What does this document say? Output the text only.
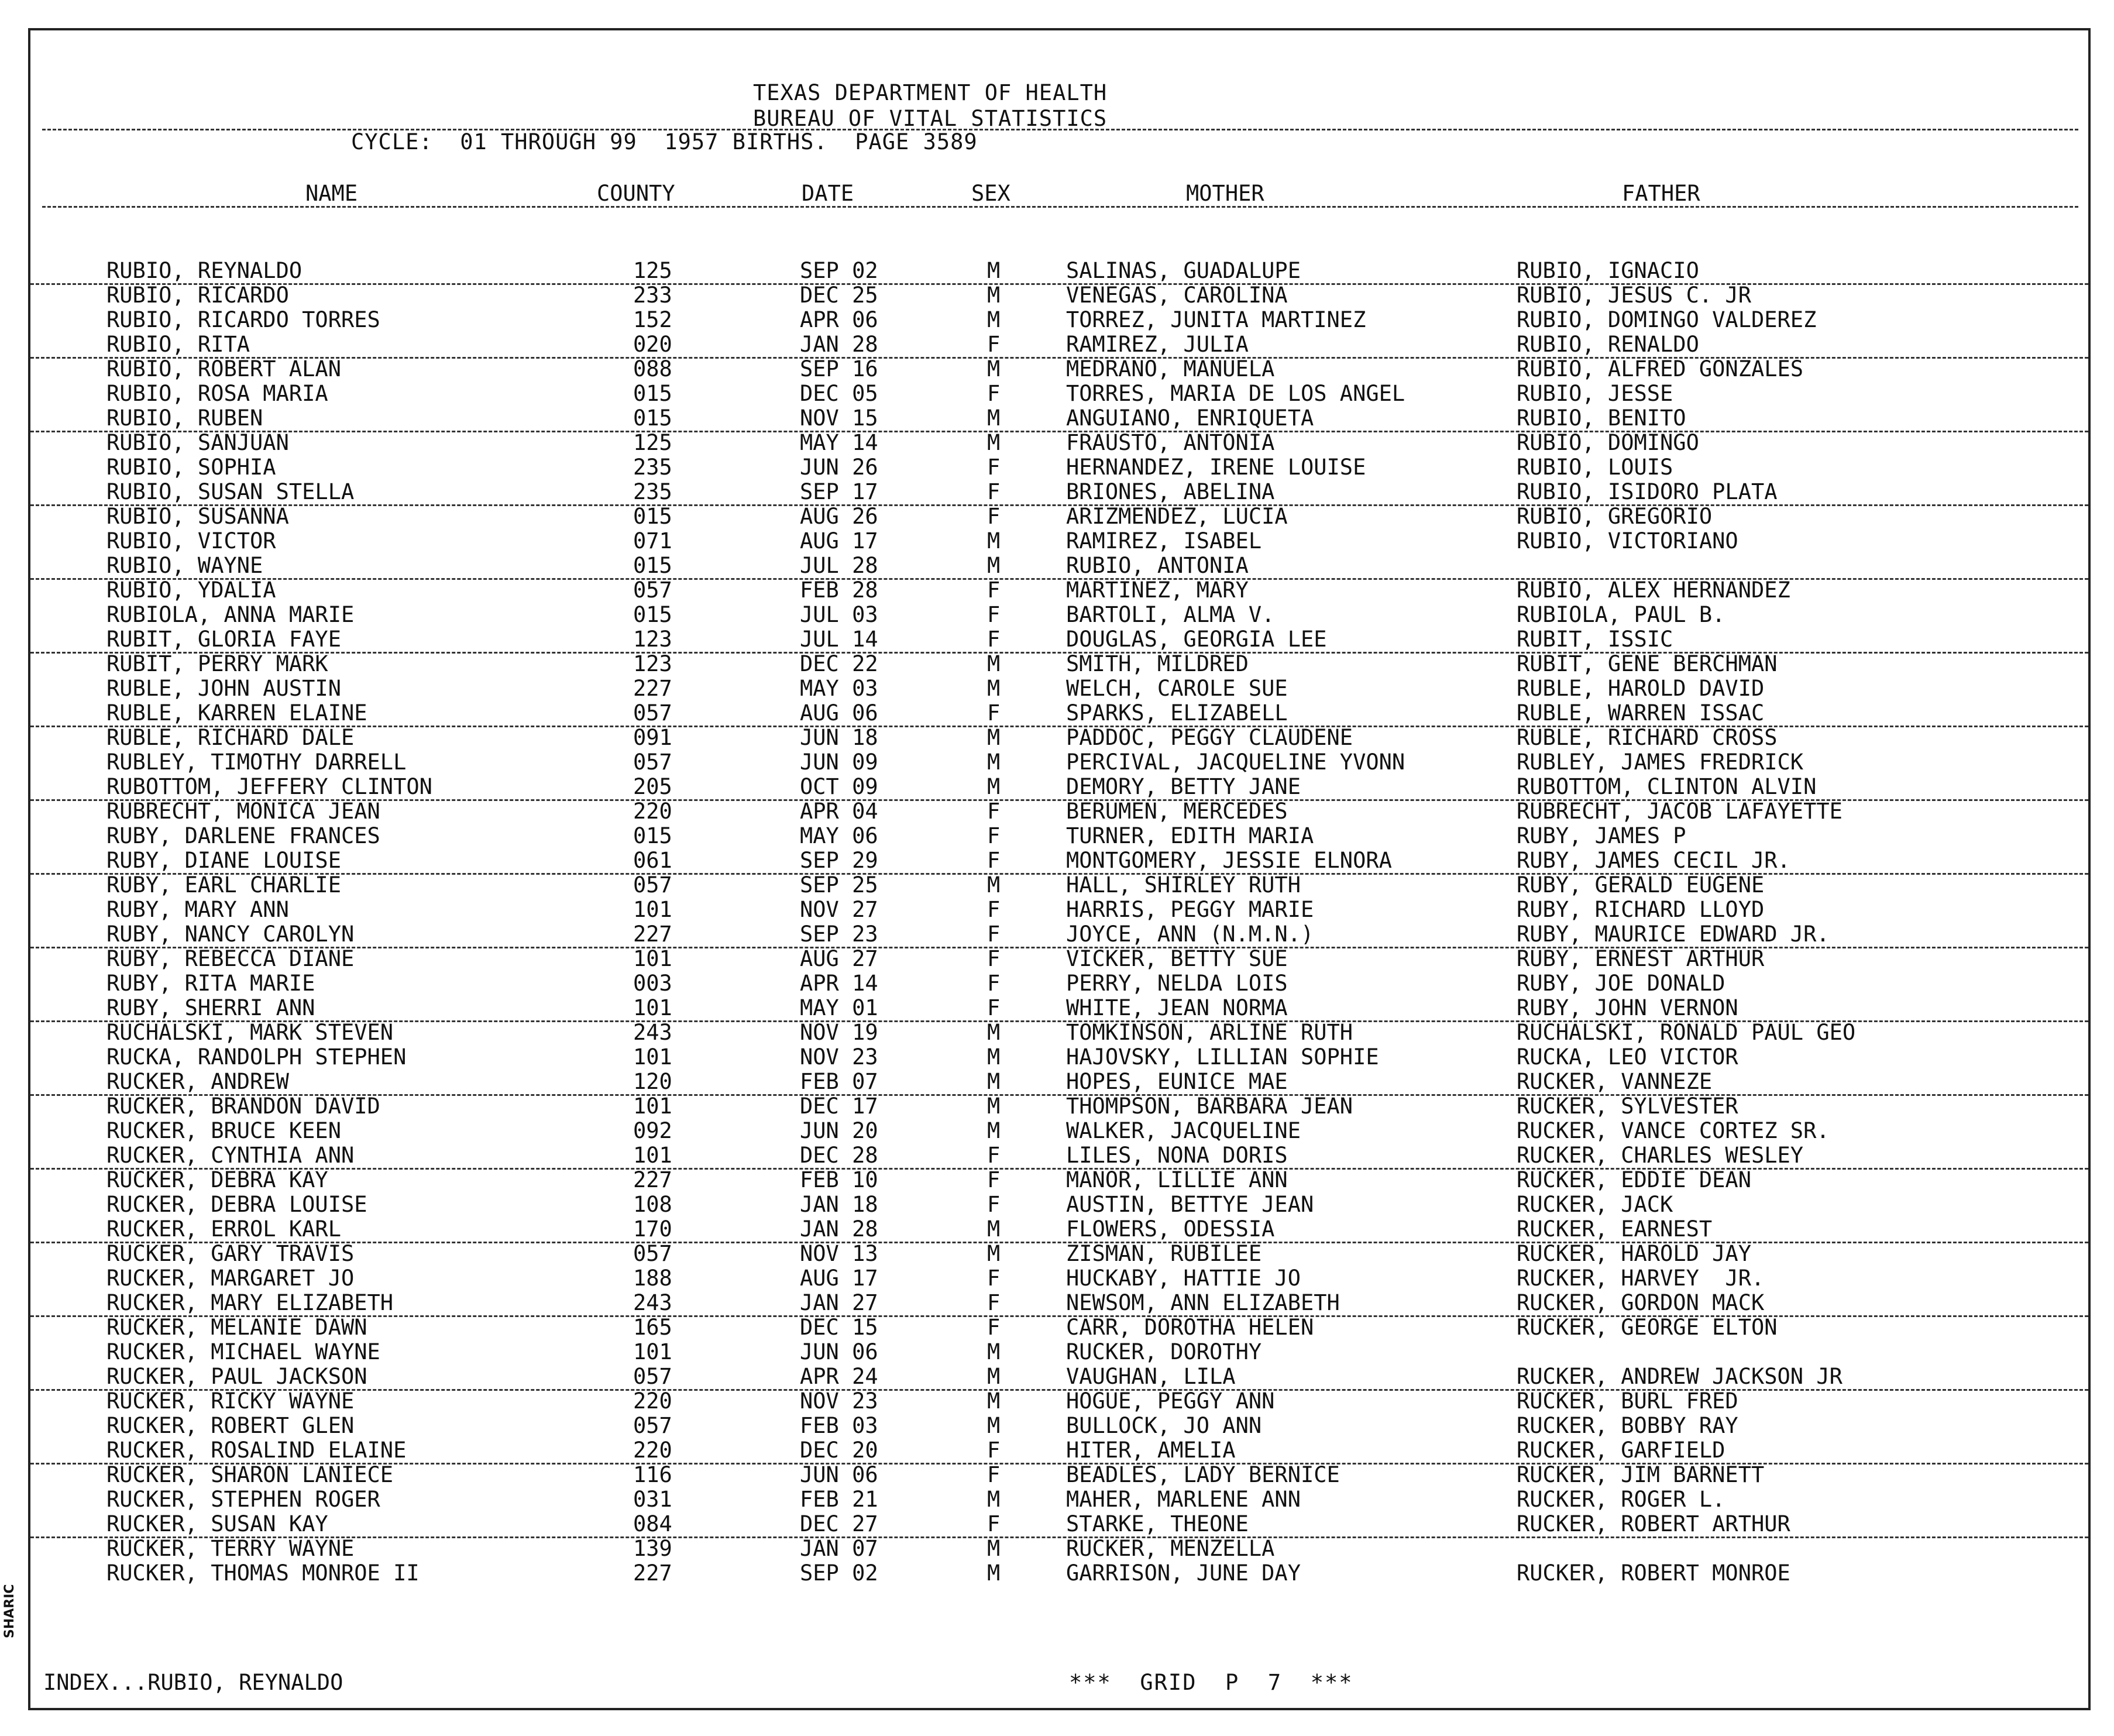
TEXAS DEPARTMENT OF HEALTH
BUREAU OF VITAL STATISTICS
CYCLE:  01 THROUGH 99  1957 BIRTHS.  PAGE 3589
NAME	COUNTY	DATE	SEX	MOTHER	FATHER
RUBIO, REYNALDO	125	SEP 02	M	SALINAS, GUADALUPE	RUBIO, IGNACIO
RUBIO, RICARDO	233	DEC 25	M	VENEGAS, CAROLINA	RUBIO, JESUS C. JR
RUBIO, RICARDO TORRES	152	APR 06	M	TORREZ, JUNITA MARTINEZ	RUBIO, DOMINGO VALDEREZ
RUBIO, RITA	020	JAN 28	F	RAMIREZ, JULIA	RUBIO, RENALDO
RUBIO, ROBERT ALAN	088	SEP 16	M	MEDRANO, MANUELA	RUBIO, ALFRED GONZALES
RUBIO, ROSA MARIA	015	DEC 05	F	TORRES, MARIA DE LOS ANGEL	RUBIO, JESSE
RUBIO, RUBEN	015	NOV 15	M	ANGUIANO, ENRIQUETA	RUBIO, BENITO
RUBIO, SANJUAN	125	MAY 14	M	FRAUSTO, ANTONIA	RUBIO, DOMINGO
RUBIO, SOPHIA	235	JUN 26	F	HERNANDEZ, IRENE LOUISE	RUBIO, LOUIS
RUBIO, SUSAN STELLA	235	SEP 17	F	BRIONES, ABELINA	RUBIO, ISIDORO PLATA
RUBIO, SUSANNA	015	AUG 26	F	ARIZMENDEZ, LUCIA	RUBIO, GREGORIO
RUBIO, VICTOR	071	AUG 17	M	RAMIREZ, ISABEL	RUBIO, VICTORIANO
RUBIO, WAYNE	015	JUL 28	M	RUBIO, ANTONIA
RUBIO, YDALIA	057	FEB 28	F	MARTINEZ, MARY	RUBIO, ALEX HERNANDEZ
RUBIOLA, ANNA MARIE	015	JUL 03	F	BARTOLI, ALMA V.	RUBIOLA, PAUL B.
RUBIT, GLORIA FAYE	123	JUL 14	F	DOUGLAS, GEORGIA LEE	RUBIT, ISSIC
RUBIT, PERRY MARK	123	DEC 22	M	SMITH, MILDRED	RUBIT, GENE BERCHMAN
RUBLE, JOHN AUSTIN	227	MAY 03	M	WELCH, CAROLE SUE	RUBLE, HAROLD DAVID
RUBLE, KARREN ELAINE	057	AUG 06	F	SPARKS, ELIZABELL	RUBLE, WARREN ISSAC
RUBLE, RICHARD DALE	091	JUN 18	M	PADDOC, PEGGY CLAUDENE	RUBLE, RICHARD CROSS
RUBLEY, TIMOTHY DARRELL	057	JUN 09	M	PERCIVAL, JACQUELINE YVONN	RUBLEY, JAMES FREDRICK
RUBOTTOM, JEFFERY CLINTON	205	OCT 09	M	DEMORY, BETTY JANE	RUBOTTOM, CLINTON ALVIN
RUBRECHT, MONICA JEAN	220	APR 04	F	BERUMEN, MERCEDES	RUBRECHT, JACOB LAFAYETTE
RUBY, DARLENE FRANCES	015	MAY 06	F	TURNER, EDITH MARIA	RUBY, JAMES P
RUBY, DIANE LOUISE	061	SEP 29	F	MONTGOMERY, JESSIE ELNORA	RUBY, JAMES CECIL JR.
RUBY, EARL CHARLIE	057	SEP 25	M	HALL, SHIRLEY RUTH	RUBY, GERALD EUGENE
RUBY, MARY ANN	101	NOV 27	F	HARRIS, PEGGY MARIE	RUBY, RICHARD LLOYD
RUBY, NANCY CAROLYN	227	SEP 23	F	JOYCE, ANN (N.M.N.)	RUBY, MAURICE EDWARD JR.
RUBY, REBECCA DIANE	101	AUG 27	F	VICKER, BETTY SUE	RUBY, ERNEST ARTHUR
RUBY, RITA MARIE	003	APR 14	F	PERRY, NELDA LOIS	RUBY, JOE DONALD
RUBY, SHERRI ANN	101	MAY 01	F	WHITE, JEAN NORMA	RUBY, JOHN VERNON
RUCHALSKI, MARK STEVEN	243	NOV 19	M	TOMKINSON, ARLINE RUTH	RUCHALSKI, RONALD PAUL GEO
RUCKA, RANDOLPH STEPHEN	101	NOV 23	M	HAJOVSKY, LILLIAN SOPHIE	RUCKA, LEO VICTOR
RUCKER, ANDREW	120	FEB 07	M	HOPES, EUNICE MAE	RUCKER, VANNEZE
RUCKER, BRANDON DAVID	101	DEC 17	M	THOMPSON, BARBARA JEAN	RUCKER, SYLVESTER
RUCKER, BRUCE KEEN	092	JUN 20	M	WALKER, JACQUELINE	RUCKER, VANCE CORTEZ SR.
RUCKER, CYNTHIA ANN	101	DEC 28	F	LILES, NONA DORIS	RUCKER, CHARLES WESLEY
RUCKER, DEBRA KAY	227	FEB 10	F	MANOR, LILLIE ANN	RUCKER, EDDIE DEAN
RUCKER, DEBRA LOUISE	108	JAN 18	F	AUSTIN, BETTYE JEAN	RUCKER, JACK
RUCKER, ERROL KARL	170	JAN 28	M	FLOWERS, ODESSIA	RUCKER, EARNEST
RUCKER, GARY TRAVIS	057	NOV 13	M	ZISMAN, RUBILEE	RUCKER, HAROLD JAY
RUCKER, MARGARET JO	188	AUG 17	F	HUCKABY, HATTIE JO	RUCKER, HARVEY  JR.
RUCKER, MARY ELIZABETH	243	JAN 27	F	NEWSOM, ANN ELIZABETH	RUCKER, GORDON MACK
RUCKER, MELANIE DAWN	165	DEC 15	F	CARR, DOROTHA HELEN	RUCKER, GEORGE ELTON
RUCKER, MICHAEL WAYNE	101	JUN 06	M	RUCKER, DOROTHY
RUCKER, PAUL JACKSON	057	APR 24	M	VAUGHAN, LILA	RUCKER, ANDREW JACKSON JR
RUCKER, RICKY WAYNE	220	NOV 23	M	HOGUE, PEGGY ANN	RUCKER, BURL FRED
RUCKER, ROBERT GLEN	057	FEB 03	M	BULLOCK, JO ANN	RUCKER, BOBBY RAY
RUCKER, ROSALIND ELAINE	220	DEC 20	F	HITER, AMELIA	RUCKER, GARFIELD
RUCKER, SHARON LANIECE	116	JUN 06	F	BEADLES, LADY BERNICE	RUCKER, JIM BARNETT
RUCKER, STEPHEN ROGER	031	FEB 21	M	MAHER, MARLENE ANN	RUCKER, ROGER L.
RUCKER, SUSAN KAY	084	DEC 27	F	STARKE, THEONE	RUCKER, ROBERT ARTHUR
RUCKER, TERRY WAYNE	139	JAN 07	M	RUCKER, MENZELLA
RUCKER, THOMAS MONROE II	227	SEP 02	M	GARRISON, JUNE DAY	RUCKER, ROBERT MONROE
INDEX...RUBIO, REYNALDO	***  GRID  P  7  ***
SHARIC
